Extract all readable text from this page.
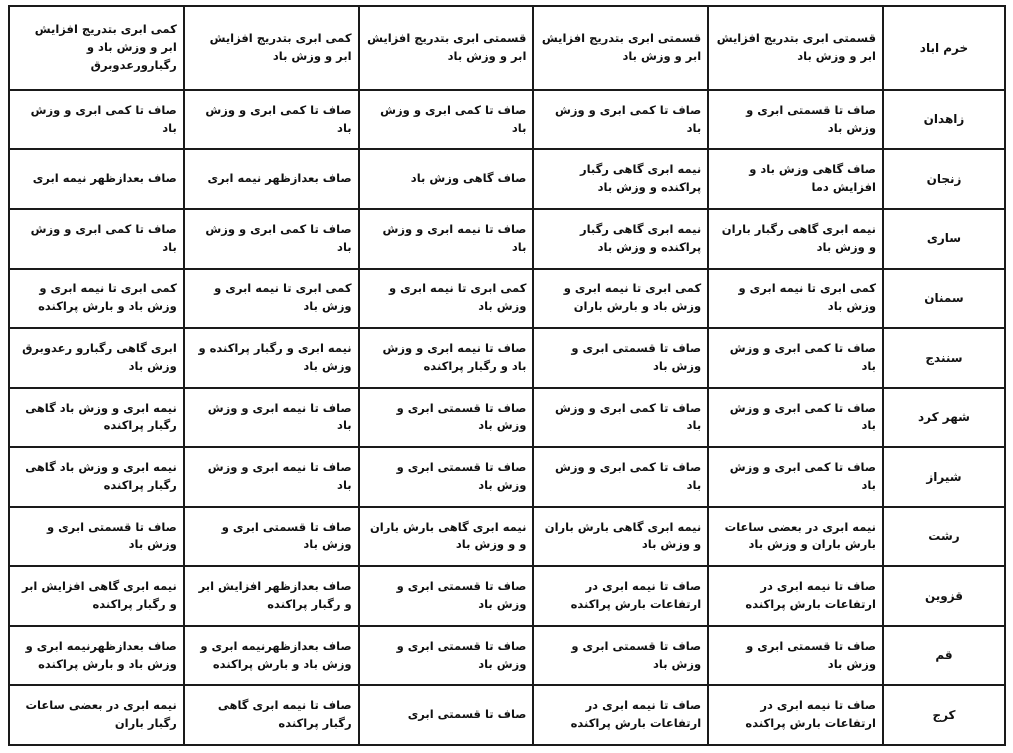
خرم اباد	قسمتی ابری بتدریج افزایش ابر و وزش باد	قسمتی ابری بتدریج افزایش ابر و وزش باد	قسمتی ابری بتدریج افزایش ابر و وزش باد	کمی ابری بتدریج افزایش ابر و وزش باد	کمی ابری بتدریج افزایش ابر و وزش باد و رگبارورعدوبرق
زاهدان	صاف تا قسمتی ابری و وزش باد	صاف تا کمی ابری و وزش باد	صاف تا کمی ابری و وزش باد	صاف تا کمی ابری و وزش باد	صاف تا کمی ابری و وزش باد
زنجان	صاف گاهی وزش باد و افزایش دما	نیمه ابری گاهی رگبار پراکنده و وزش باد	صاف گاهی وزش باد	صاف بعدازظهر نیمه ابری	صاف بعدازظهر نیمه ابری
ساری	نیمه ابری گاهی رگبار باران و وزش باد	نیمه ابری گاهی رگبار پراکنده و وزش باد	صاف تا نیمه ابری و وزش باد	صاف تا کمی ابری و وزش باد	صاف تا کمی ابری و وزش باد
سمنان	کمی ابری تا نیمه ابری و وزش باد	کمی ابری تا نیمه ابری و وزش باد و بارش باران	کمی ابری تا نیمه ابری و وزش باد	کمی ابری تا نیمه ابری و وزش باد	کمی ابری تا نیمه ابری و وزش باد و بارش پراکنده
سنندج	صاف تا کمی ابری و وزش باد	صاف تا قسمتی ابری و وزش باد	صاف تا نیمه ابری و وزش باد و رگبار پراکنده	نیمه ابری و رگبار پراکنده و وزش باد	ابری گاهی رگبارو رعدوبرق وزش باد
شهر کرد	صاف تا کمی ابری و وزش باد	صاف تا کمی ابری و وزش باد	صاف تا قسمتی ابری و وزش باد	صاف تا نیمه ابری و وزش باد	نیمه ابری و وزش باد گاهی رگبار پراکنده
شیراز	صاف تا کمی ابری و وزش باد	صاف تا کمی ابری و وزش باد	صاف تا قسمتی ابری و وزش باد	صاف تا نیمه ابری و وزش باد	نیمه ابری و وزش باد گاهی رگبار پراکنده
رشت	نیمه ابری در بعضی ساعات بارش باران و وزش باد	نیمه ابری گاهی بارش باران و وزش باد	نیمه ابری گاهی بارش باران و و وزش باد	صاف تا قسمتی ابری و وزش باد	صاف تا قسمتی ابری و وزش باد
قزوین	صاف تا نیمه ابری در ارتفاعات بارش پراکنده	صاف تا نیمه ابری در ارتفاعات بارش پراکنده	صاف تا قسمتی ابری و وزش باد	صاف بعدازظهر افزایش ابر و رگبار پراکنده	نیمه ابری گاهی افزایش ابر و رگبار پراکنده
قم	صاف تا قسمتی ابری و وزش باد	صاف تا قسمتی ابری و وزش باد	صاف تا قسمتی ابری و وزش باد	صاف بعدازظهرنیمه ابری و وزش باد و بارش پراکنده	صاف بعدازظهرنیمه ابری و وزش باد و بارش پراکنده
کرج	صاف تا نیمه ابری در ارتفاعات بارش پراکنده	صاف تا نیمه ابری در ارتفاعات بارش پراکنده	صاف تا قسمتی ابری	صاف تا نیمه ابری گاهی رگبار پراکنده	نیمه ابری در بعضی ساعات رگبار باران
